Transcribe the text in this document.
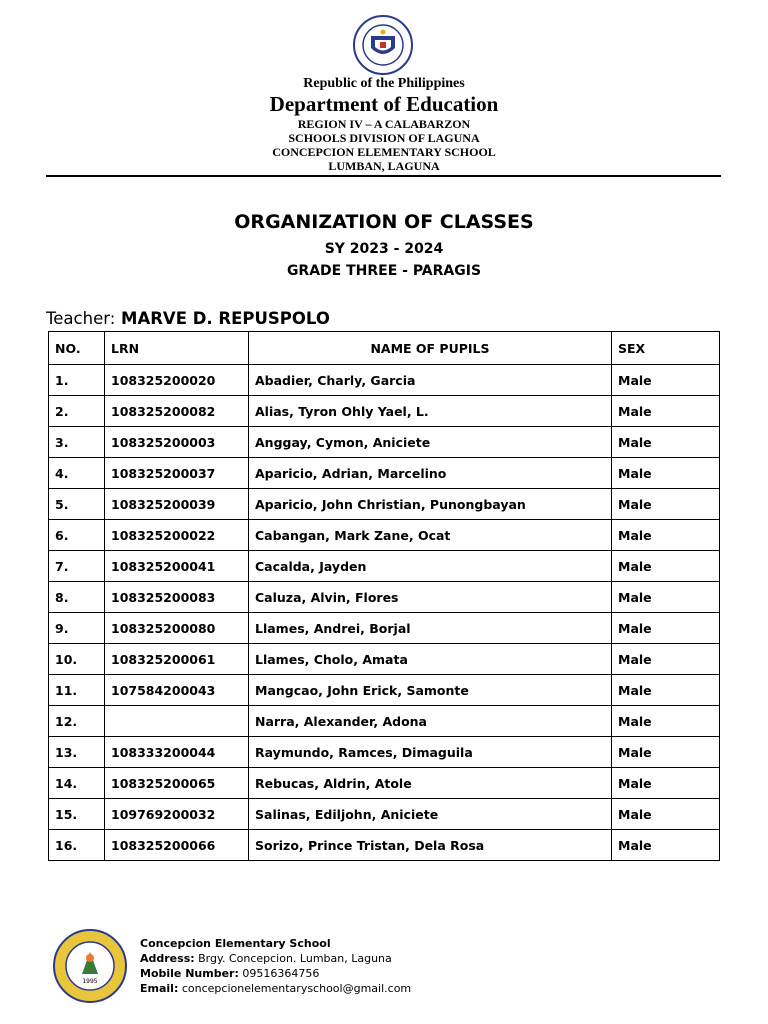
Republic of the Philippines
Department of Education
REGION IV – A CALABARZON
SCHOOLS DIVISION OF LAGUNA
CONCEPCION ELEMENTARY SCHOOL
LUMBAN, LAGUNA
ORGANIZATION OF CLASSES
SY 2023 - 2024
GRADE THREE - PARAGIS
Teacher: MARVE D. REPUSPOLO
NO.	LRN	NAME OF PUPILS	SEX
1.	108325200020	Abadier, Charly, Garcia	Male
2.	108325200082	Alias, Tyron Ohly Yael, L.	Male
3.	108325200003	Anggay, Cymon, Aniciete	Male
4.	108325200037	Aparicio, Adrian, Marcelino	Male
5.	108325200039	Aparicio, John Christian, Punongbayan	Male
6.	108325200022	Cabangan, Mark Zane, Ocat	Male
7.	108325200041	Cacalda, Jayden	Male
8.	108325200083	Caluza, Alvin, Flores	Male
9.	108325200080	Llames, Andrei, Borjal	Male
10.	108325200061	Llames, Cholo, Amata	Male
11.	107584200043	Mangcao, John Erick, Samonte	Male
12.		Narra, Alexander, Adona	Male
13.	108333200044	Raymundo, Ramces, Dimaguila	Male
14.	108325200065	Rebucas, Aldrin, Atole	Male
15.	109769200032	Salinas, Ediljohn, Aniciete	Male
16.	108325200066	Sorizo, Prince Tristan, Dela Rosa	Male
1995
Concepcion Elementary School
Address: Brgy. Concepcion. Lumban, Laguna
Mobile Number: 09516364756
Email: concepcionelementaryschool@gmail.com
